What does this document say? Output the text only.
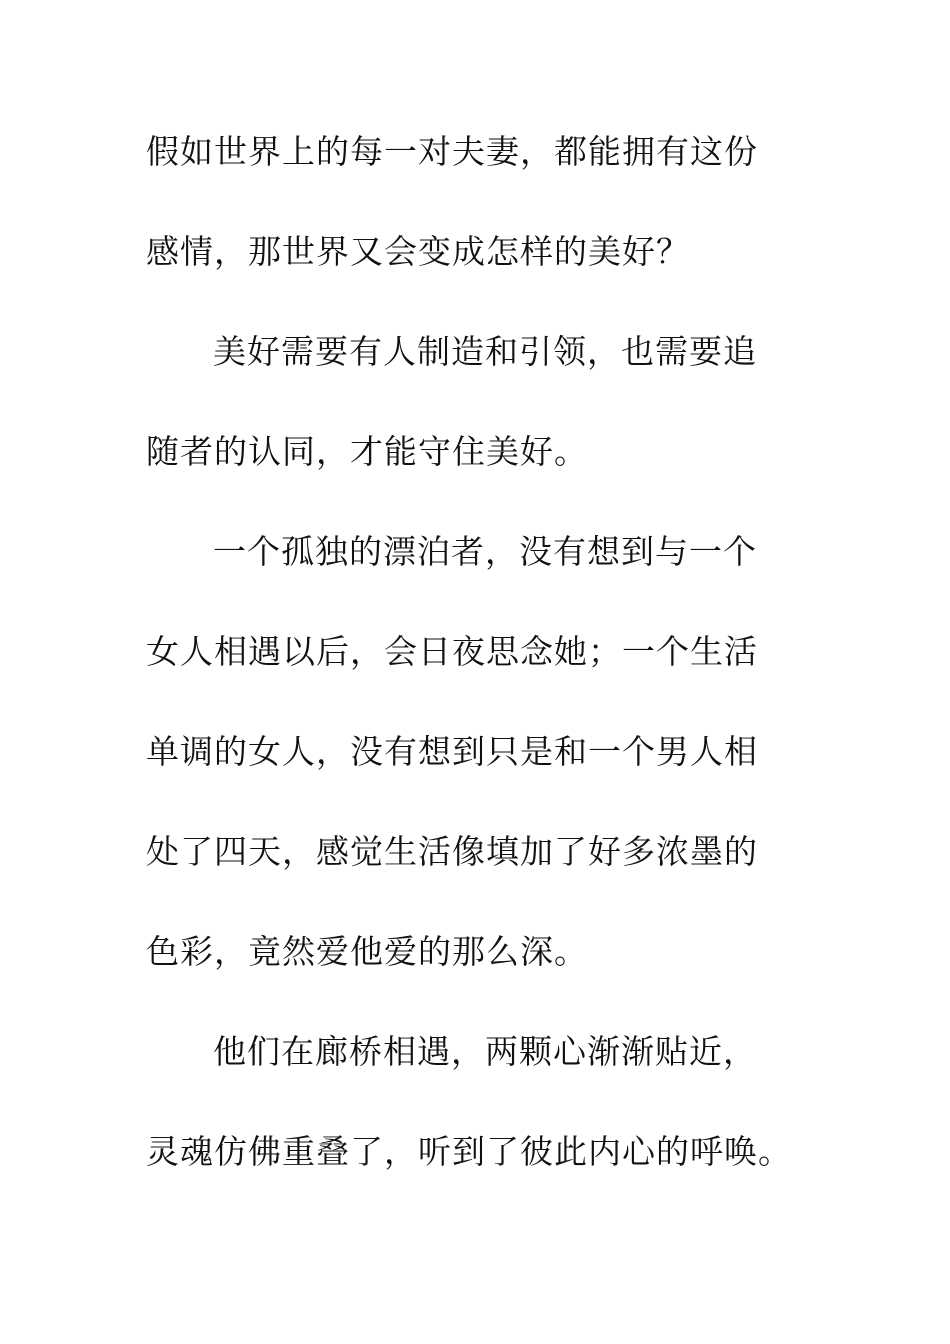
假如世界上的每一对夫妻，都能拥有这份
感情，那世界又会变成怎样的美好？
美好需要有人制造和引领，也需要追
随者的认同，才能守住美好。
一个孤独的漂泊者，没有想到与一个
女人相遇以后，会日夜思念她；一个生活
单调的女人，没有想到只是和一个男人相
处了四天，感觉生活像填加了好多浓墨的
色彩，竟然爱他爱的那么深。
他们在廊桥相遇，两颗心渐渐贴近，
灵魂仿佛重叠了，听到了彼此内心的呼唤。
